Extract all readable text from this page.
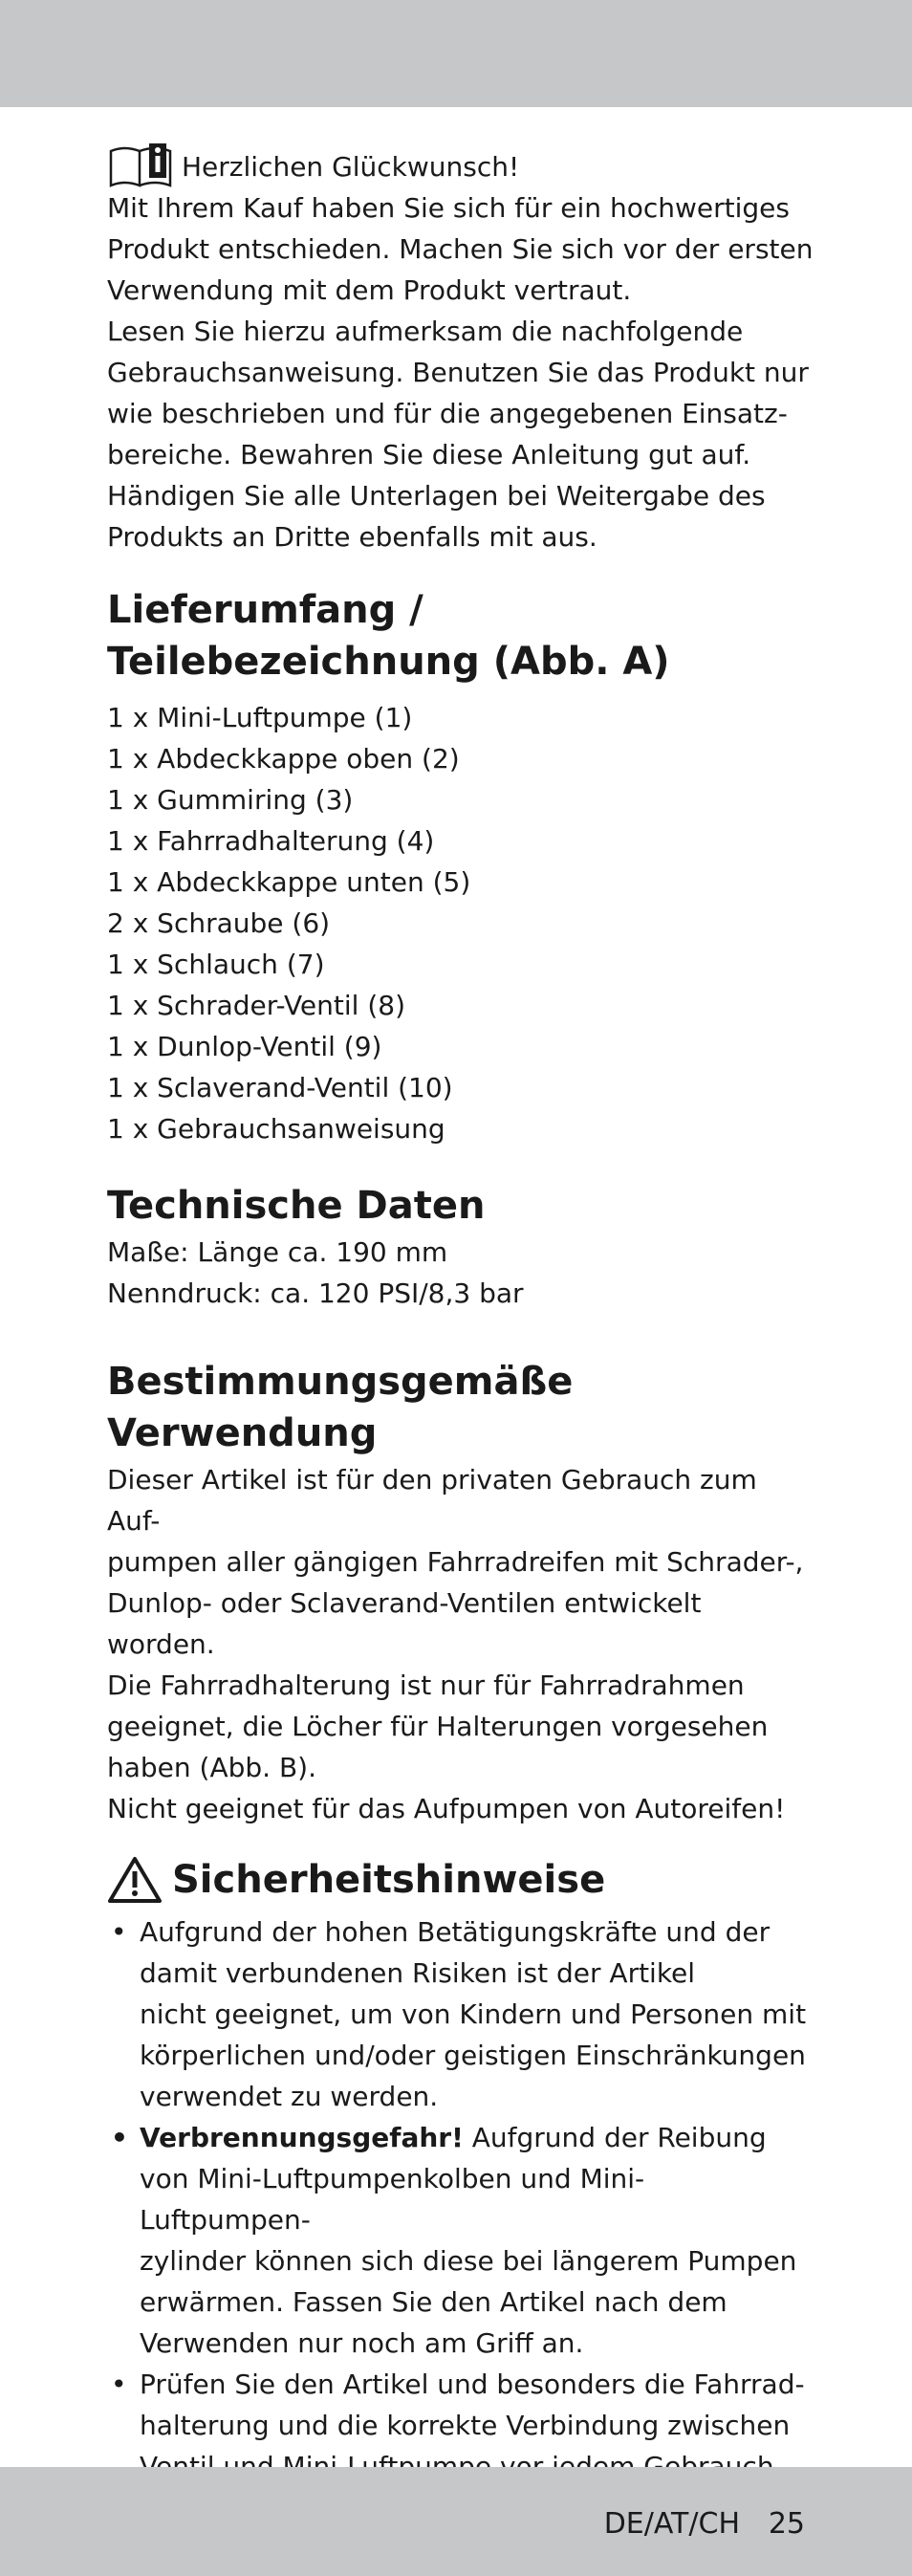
Herzlichen Glückwunsch!

Mit Ihrem Kauf haben Sie sich für ein hochwertiges
Produkt entschieden. Machen Sie sich vor der ersten
Verwendung mit dem Produkt vertraut.
Lesen Sie hierzu aufmerksam die nachfolgende
Gebrauchsanweisung. Benutzen Sie das Produkt nur
wie beschrieben und für die angegebenen Einsatz-
bereiche. Bewahren Sie diese Anleitung gut auf.
Händigen Sie alle Unterlagen bei Weitergabe des
Produkts an Dritte ebenfalls mit aus.

Lieferumfang /
Teilebezeichnung (Abb. A)
1 x Mini-Luftpumpe (1)
1 x Abdeckkappe oben (2)
1 x Gummiring (3)
1 x Fahrradhalterung (4)
1 x Abdeckkappe unten (5)
2 x Schraube (6)
1 x Schlauch (7)
1 x Schrader-Ventil (8)
1 x Dunlop-Ventil (9)
1 x Sclaverand-Ventil (10)
1 x Gebrauchsanweisung
Technische Daten

Maße: Länge ca. 190 mm
Nenndruck: ca. 120 PSI/8,3 bar

Bestimmungsgemäße
Verwendung

Dieser Artikel ist für den privaten Gebrauch zum Auf-
pumpen aller gängigen Fahrradreifen mit Schrader-,
Dunlop- oder Sclaverand-Ventilen entwickelt worden.
Die Fahrradhalterung ist nur für Fahrradrahmen
geeignet, die Löcher für Halterungen vorgesehen
haben (Abb. B).
Nicht geeignet für das Aufpumpen von Autoreifen!

Sicherheitshinweise
• Aufgrund der hohen Betätigungskräfte und der
damit verbundenen Risiken ist der Artikel
nicht geeignet, um von Kindern und Personen mit
körperlichen und/oder geistigen Einschränkungen
verwendet zu werden.
• Verbrennungsgefahr! Aufgrund der Reibung
von Mini-Luftpumpenkolben und Mini-Luftpumpen-
zylinder können sich diese bei längerem Pumpen
erwärmen. Fassen Sie den Artikel nach dem
Verwenden nur noch am Griff an.
• Prüfen Sie den Artikel und besonders die Fahrrad-
halterung und die korrekte Verbindung zwischen

DE/AT/CH 25
